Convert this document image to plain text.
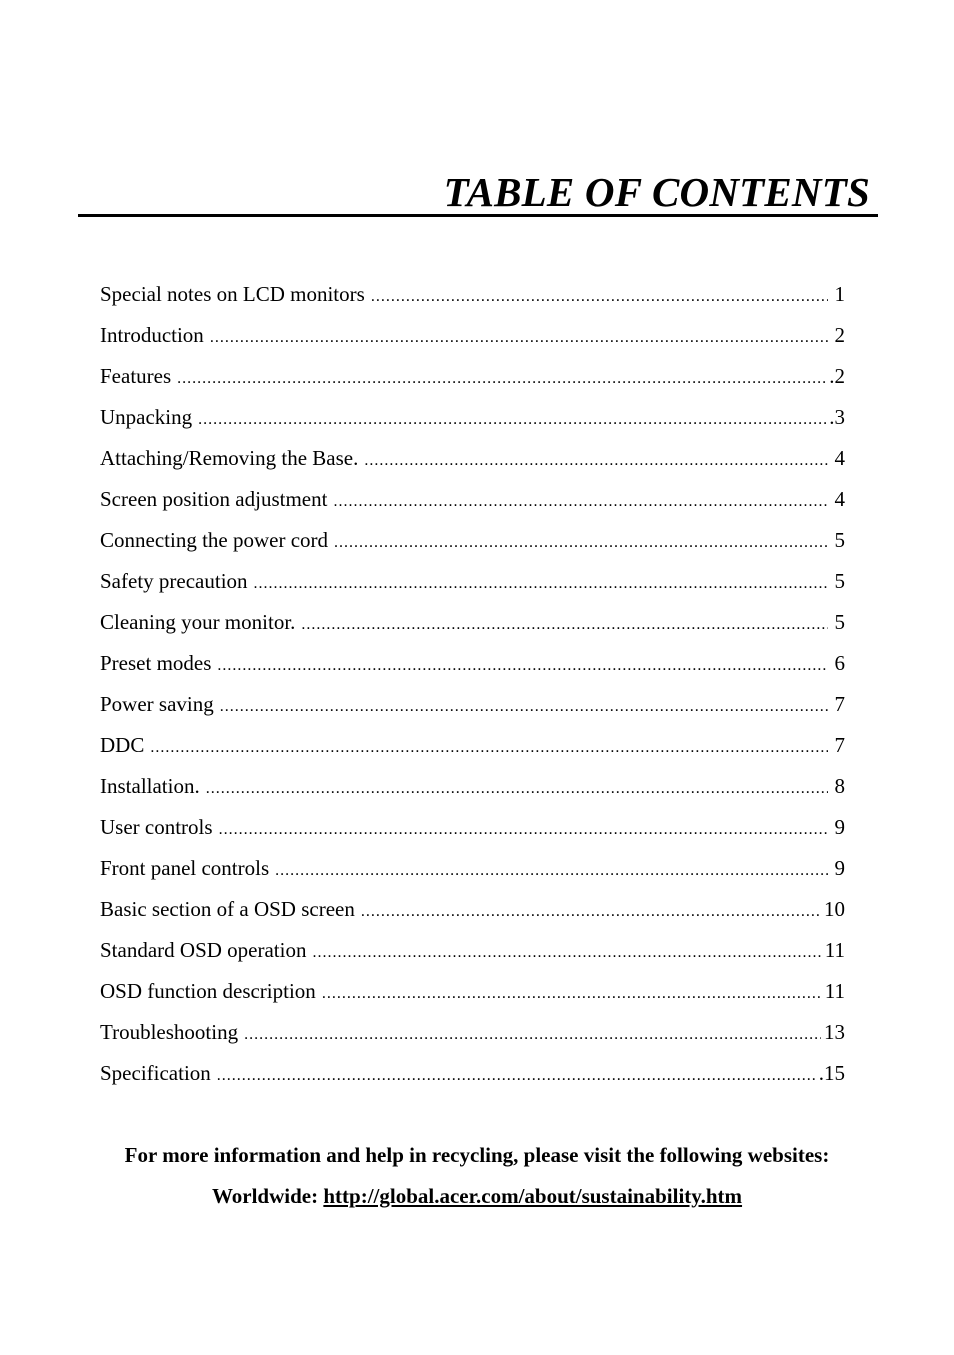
TABLE OF CONTENTS
Special notes on LCD monitors .....	1
Introduction .....	2
Features .....	.2
Unpacking .....	.3
Attaching/Removing the Base. .....	4
Screen position adjustment .....	4
Connecting the power cord .....	5
Safety precaution .....	5
Cleaning your monitor. .....	5
Preset modes .....	6
Power saving .....	7
DDC .....	7
Installation. .....	8
User controls .....	9
Front panel controls .....	9
Basic section of a OSD screen .....	10
Standard OSD operation .....	11
OSD function description .....	11
Troubleshooting .....	13
Specification .....	.15
For more information and help in recycling, please visit the following websites:
Worldwide: http://global.acer.com/about/sustainability.htm
